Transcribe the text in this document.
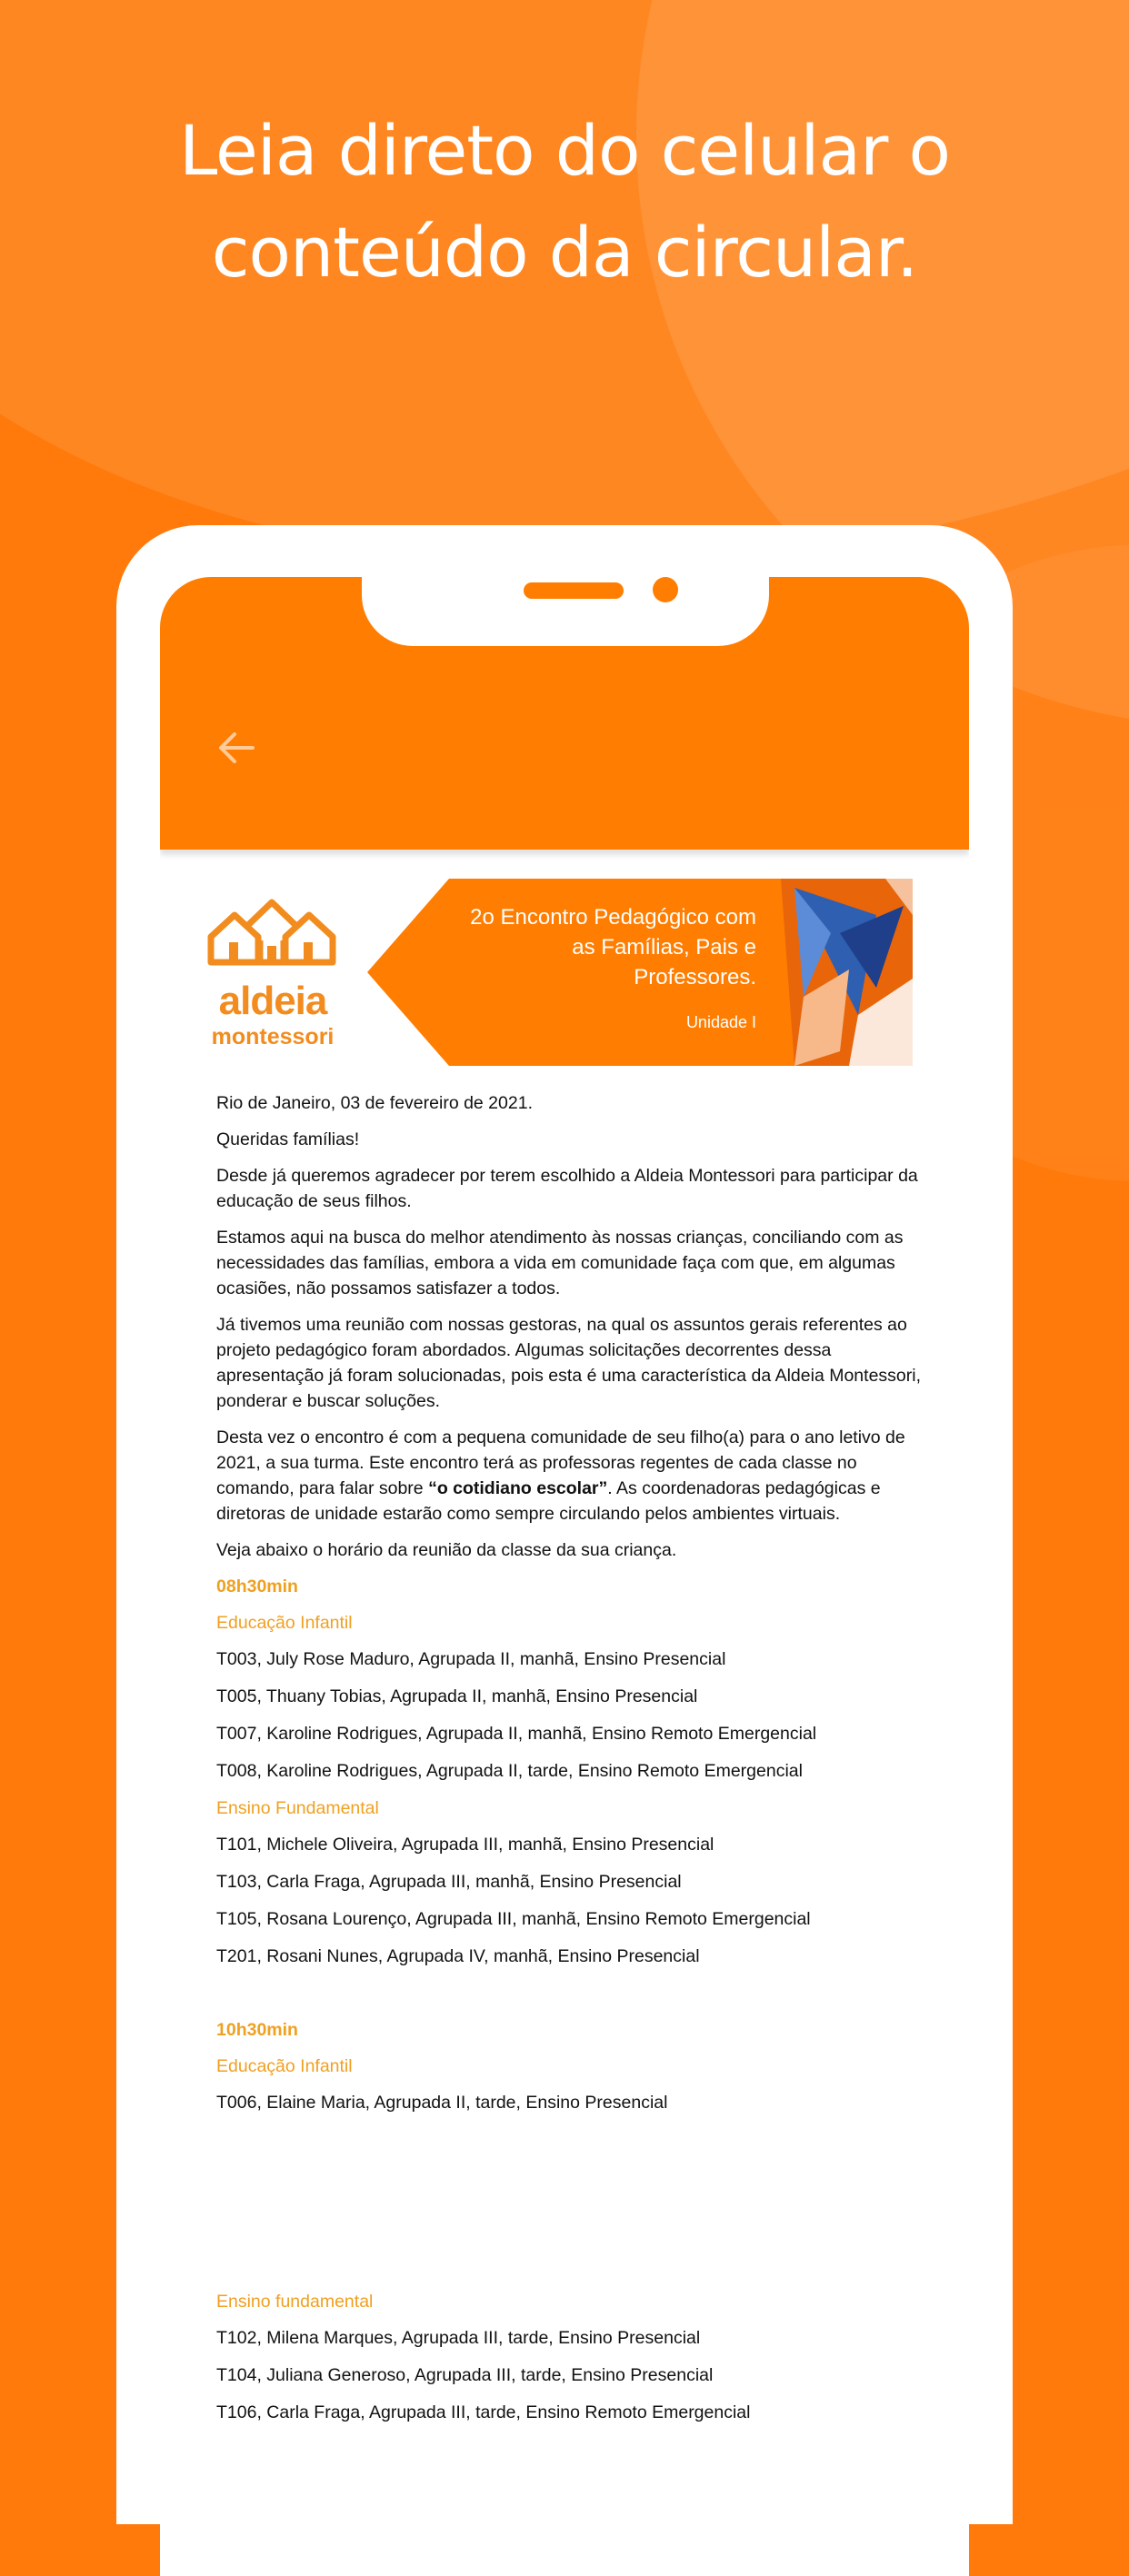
Leia direto do celular o
conteúdo da circular.
aldeia
montessori
2o Encontro Pedagógico com
as Famílias, Pais e
Professores.
Unidade I

Rio de Janeiro, 03 de fevereiro de 2021.

Queridas famílias!

Desde já queremos agradecer por terem escolhido a Aldeia Montessori para participar da educação de seus filhos.

Estamos aqui na busca do melhor atendimento às nossas crianças, conciliando com as necessidades das famílias, embora a vida em comunidade faça com que, em algumas ocasiões, não possamos satisfazer a todos.

Já tivemos uma reunião com nossas gestoras, na qual os assuntos gerais referentes ao projeto pedagógico foram abordados. Algumas solicitações decorrentes dessa apresentação já foram solucionadas, pois esta é uma característica da Aldeia Montessori, ponderar e buscar soluções.

Desta vez o encontro é com a pequena comunidade de seu filho(a) para o ano letivo de 2021, a sua turma. Este encontro terá as professoras regentes de cada classe no comando, para falar sobre “o cotidiano escolar”. As coordenadoras pedagógicas e diretoras de unidade estarão como sempre circulando pelos ambientes virtuais.

Veja abaixo o horário da reunião da classe da sua criança.

08h30min
Educação Infantil
T003, July Rose Maduro, Agrupada II, manhã, Ensino Presencial
T005, Thuany Tobias, Agrupada II, manhã, Ensino Presencial
T007, Karoline Rodrigues, Agrupada II, manhã, Ensino Remoto Emergencial
T008, Karoline Rodrigues, Agrupada II, tarde, Ensino Remoto Emergencial
Ensino Fundamental
T101, Michele Oliveira, Agrupada III, manhã, Ensino Presencial
T103, Carla Fraga, Agrupada III, manhã, Ensino Presencial
T105, Rosana Lourenço, Agrupada III, manhã, Ensino Remoto Emergencial
T201, Rosani Nunes, Agrupada IV, manhã, Ensino Presencial
10h30min
Educação Infantil
T006, Elaine Maria, Agrupada II, tarde, Ensino Presencial
Ensino fundamental
T102, Milena Marques, Agrupada III, tarde, Ensino Presencial
T104, Juliana Generoso, Agrupada III, tarde, Ensino Presencial
T106, Carla Fraga, Agrupada III, tarde, Ensino Remoto Emergencial
